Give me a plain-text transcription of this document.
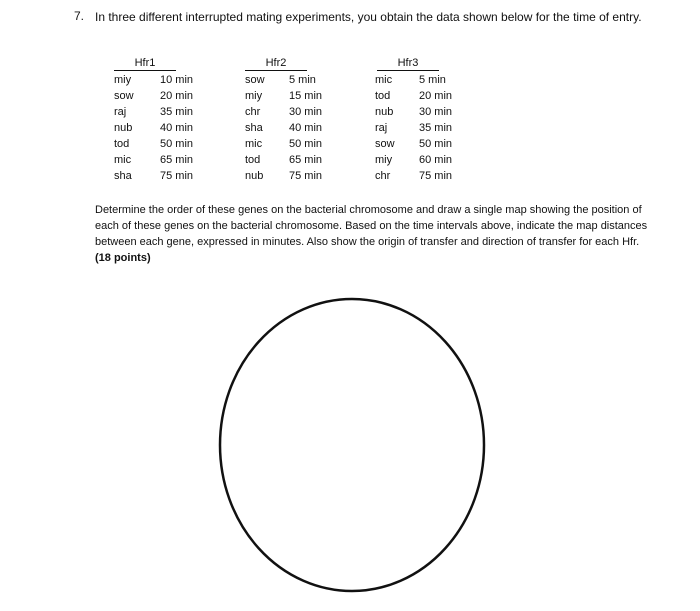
7. In three different interrupted mating experiments, you obtain the data shown below for the time of entry.
Hfr1
miy	10 min
sow 20 min
raj	35 min
nub	40 min
tod	50 min
mic	65 min
sha	75 min
Hfr2
sow 5 min
miy 15 min
chr	30 min
sha 40 min
mic 50 min
tod	65 min
nub 75 min
Hfr3
mic 5 min
tod	20 min
nub 30 min
raj	35 min
sow 50 min
miy 60 min
chr	75 min
Determine the order of these genes on the bacterial chromosome and draw a single map showing the position of each of these genes on the bacterial chromosome. Based on the time intervals above, indicate the map distances between each gene, expressed in minutes. Also show the origin of transfer and direction of transfer for each Hfr. (18 points)
